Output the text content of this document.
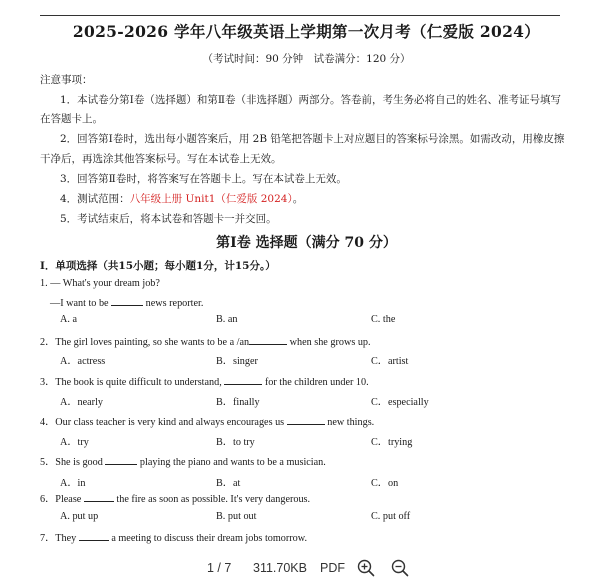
2025-2026 学年八年级英语上学期第一次月考（仁爱版 2024）
（考试时间：90 分钟　试卷满分：120 分）
注意事项：
1．本试卷分第Ⅰ卷（选择题）和第Ⅱ卷（非选择题）两部分。答卷前，考生务必将自己的姓名、准考证号填写
在答题卡上。
2．回答第Ⅰ卷时，选出每小题答案后，用 2B 铅笔把答题卡上对应题目的答案标号涂黑。如需改动，用橡皮擦
干净后，再选涂其他答案标号。写在本试卷上无效。
3．回答第Ⅱ卷时，将答案写在答题卡上。写在本试卷上无效。
4．测试范围：八年级上册 Unit1（仁爱版 2024）。
5．考试结束后，将本试卷和答题卡一并交回。
第Ⅰ卷 选择题（满分 70 分）
I．单项选择（共15小题；每小题1分，计15分。）
1. — What's your dream job?
—I want to be	news reporter.
A. a	B. an	C. the
2．The girl loves painting, so she wants to be a /an	when she grows up.
A．actress	B．singer	C．artist
3．The book is quite difficult to understand,	for the children under 10.
A．nearly	B．finally	C．especially
4．Our class teacher is very kind and always encourages us	new things.
A．try	B．to try	C．trying
5．She is good	playing the piano and wants to be a musician.
A．in	B．at	C．on
6．Please	the fire as soon as possible. It's very dangerous.
A. put up	B. put out	C. put off
7．They	a meeting to discuss their dream jobs tomorrow.
1 / 7 311.70KB PDF
